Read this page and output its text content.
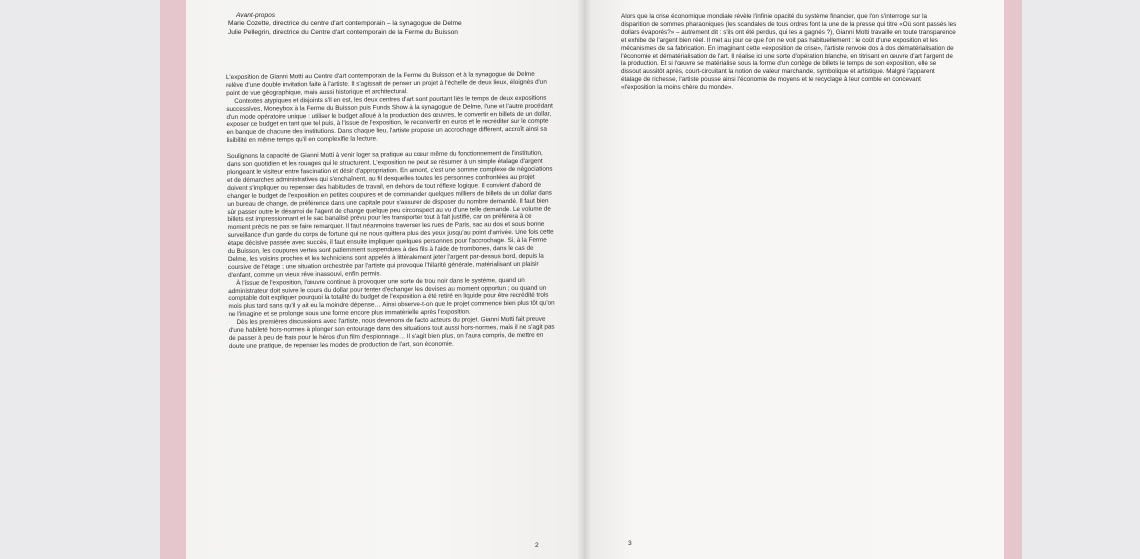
Avant-propos
Marie Cozette, directrice du centre d'art contemporain – la synagogue de Delme
Julie Pellegrin, directrice du Centre d'art contemporain de la Ferme du Buisson

L'exposition de Gianni Motti au Centre d'art contemporain de la Ferme du Buisson et à la synagogue de Delme relève d'une double invitation faite à l'artiste. Il s'agissait de penser un projet à l'échelle de deux lieux, éloignés d'un point de vue géographique, mais aussi historique et architectural.

Contextes atypiques et disjoints s'il en est, les deux centres d'art sont pourtant liés le temps de deux expositions successives, Moneybox à la Ferme du Buisson puis Funds Show à la synagogue de Delme, l'une et l'autre procédant d'un mode opératoire unique : utiliser le budget alloué à la production des œuvres, le convertir en billets de un dollar, exposer ce budget en tant que tel puis, à l'issue de l'exposition, le reconvertir en euros et le recréditer sur le compte en banque de chacune des institutions. Dans chaque lieu, l'artiste propose un accrochage différent, accroît ainsi sa lisibilité en même temps qu'il en complexifie la lecture.

Soulignons la capacité de Gianni Motti à venir loger sa pratique au cœur même du fonctionnement de l'institution, dans son quotidien et les rouages qui le structurent. L'exposition ne peut se résumer à un simple étalage d'argent plongeant le visiteur entre fascination et désir d'appropriation. En amont, c'est une somme complexe de négociations et de démarches administratives qui s'enchaînent, au fil desquelles toutes les personnes confrontées au projet doivent s'impliquer ou repenser des habitudes de travail, en dehors de tout réflexe logique. Il convient d'abord de changer le budget de l'exposition en petites coupures et de commander quelques milliers de billets de un dollar dans un bureau de change, de préférence dans une capitale pour s'assurer de disposer du nombre demandé. Il faut bien sûr passer outre le désarroi de l'agent de change quelque peu circonspect au vu d'une telle demande. Le volume de billets est impressionnant et le sac banalisé prévu pour les transporter tout à fait justifié, car on préférera à ce moment précis ne pas se faire remarquer. Il faut néanmoins traverser les rues de Paris, sac au dos et sous bonne surveillance d'un garde du corps de fortune qui ne nous quittera plus des yeux jusqu'au point d'arrivée. Une fois cette étape décisive passée avec succès, il faut ensuite impliquer quelques personnes pour l'accrochage. Si, à la Ferme du Buisson, les coupures vertes sont patiemment suspendues à des fils à l'aide de trombones, dans le cas de Delme, les voisins proches et les techniciens sont appelés à littéralement jeter l'argent par-dessus bord, depuis la coursive de l'étage ; une situation orchestrée par l'artiste qui provoque l'hilarité générale, matérialisant un plaisir d'enfant, comme un vieux rêve inassouvi, enfin permis.

À l'issue de l'exposition, l'œuvre continue à provoquer une sorte de trou noir dans le système, quand un administrateur doit suivre le cours du dollar pour tenter d'échanger les devises au moment opportun ; ou quand un comptable doit expliquer pourquoi la totalité du budget de l'exposition a été retiré en liquide pour être recrédité trois mois plus tard sans qu'il y ait eu la moindre dépense… Ainsi observe-t-on que le projet commence bien plus tôt qu'on ne l'imagine et se prolonge sous une forme encore plus immatérielle après l'exposition.

Dès les premières discussions avec l'artiste, nous devenons de facto acteurs du projet. Gianni Motti fait preuve d'une habileté hors-normes à plonger son entourage dans des situations tout aussi hors-normes, mais il ne s'agit pas de passer à peu de frais pour le héros d'un film d'espionnage… Il s'agit bien plus, on l'aura compris, de mettre en doute une pratique, de repenser les modes de production de l'art, son économie.

Alors que la crise économique mondiale révèle l'infinie opacité du système financier, que l'on s'interroge sur la disparition de sommes pharaoniques (les scandales de tous ordres font la une de la presse qui titre «Où sont passés les dollars évaporés?» – autrement dit : s'ils ont été perdus, qui les a gagnés ?), Gianni Motti travaille en toute transparence et exhibe de l'argent bien réel. Il met au jour ce que l'on ne voit pas habituellement : le coût d'une exposition et les mécanismes de sa fabrication. En imaginant cette «exposition de crise», l'artiste renvoie dos à dos dématérialisation de l'économie et dématérialisation de l'art. Il réalise ici une sorte d'opération blanche, en titrisant en œuvre d'art l'argent de la production. Et si l'œuvre se matérialise sous la forme d'un cortège de billets le temps de son exposition, elle se dissout aussitôt après, court-circuitant la notion de valeur marchande, symbolique et artistique. Malgré l'apparent étalage de richesse, l'artiste pousse ainsi l'économie de moyens et le recyclage à leur comble en concevant «l'exposition la moins chère du monde».

2	3
